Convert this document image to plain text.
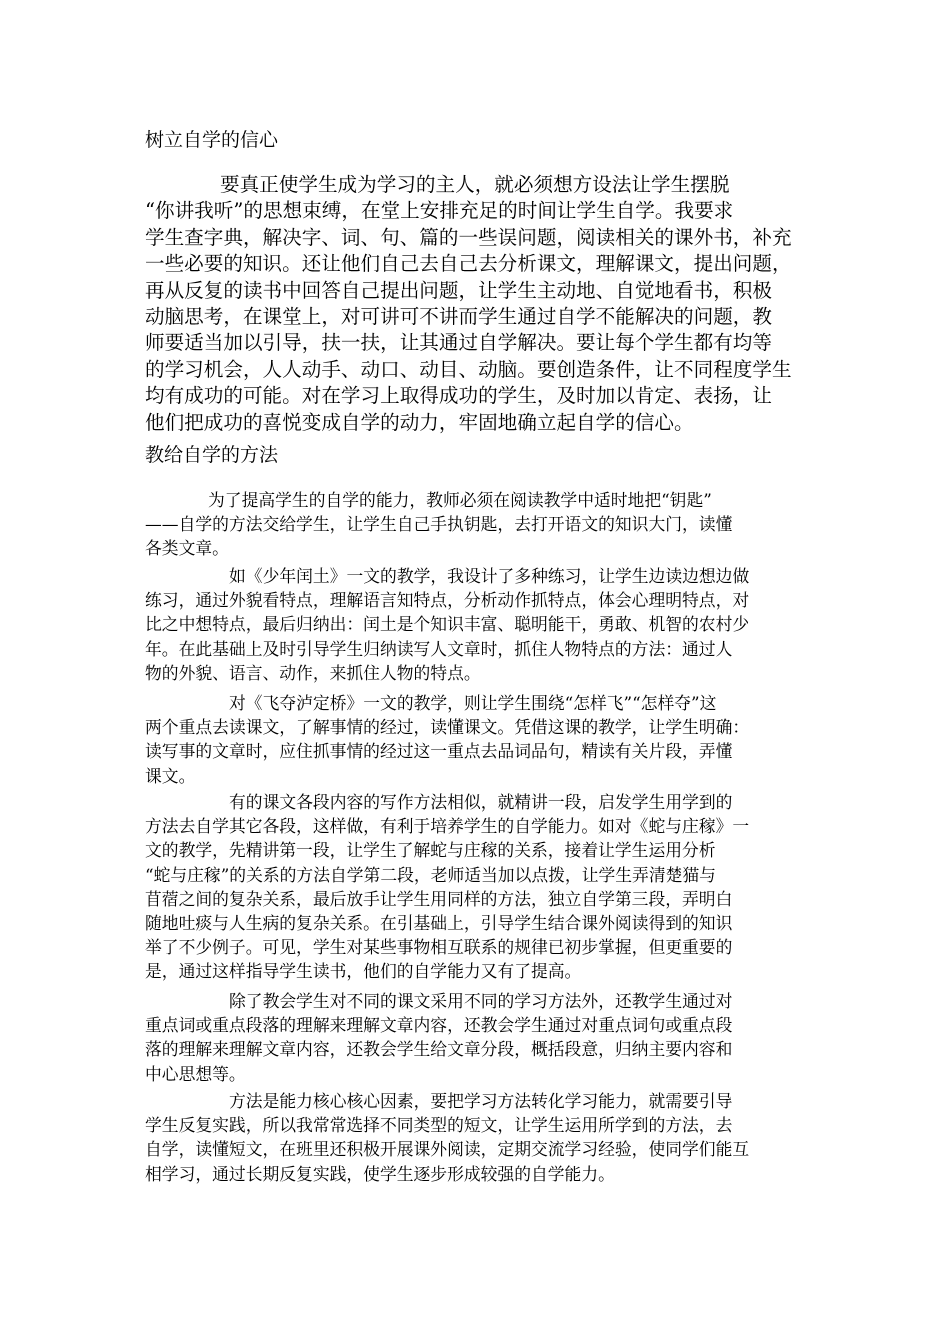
树立自学的信心
要真正使学生成为学习的主人，就必须想方设法让学生摆脱
“你讲我听”的思想束缚，在堂上安排充足的时间让学生自学。我要求
学生查字典，解决字、词、句、篇的一些误问题，阅读相关的课外书，补充
一些必要的知识。还让他们自己去自己去分析课文，理解课文，提出问题，
再从反复的读书中回答自己提出问题，让学生主动地、自觉地看书，积极
动脑思考，在课堂上，对可讲可不讲而学生通过自学不能解决的问题，教
师要适当加以引导，扶一扶，让其通过自学解决。要让每个学生都有均等
的学习机会，人人动手、动口、动目、动脑。要创造条件，让不同程度学生
均有成功的可能。对在学习上取得成功的学生，及时加以肯定、表扬，让
他们把成功的喜悦变成自学的动力，牢固地确立起自学的信心。
教给自学的方法
为了提高学生的自学的能力，教师必须在阅读教学中适时地把“钥匙”
——自学的方法交给学生，让学生自己手执钥匙，去打开语文的知识大门，读懂
各类文章。
如《少年闰土》一文的教学，我设计了多种练习，让学生边读边想边做
练习，通过外貌看特点，理解语言知特点，分析动作抓特点，体会心理明特点，对
比之中想特点，最后归纳出：闰土是个知识丰富、聪明能干，勇敢、机智的农村少
年。在此基础上及时引导学生归纳读写人文章时，抓住人物特点的方法：通过人
物的外貌、语言、动作，来抓住人物的特点。
对《飞夺泸定桥》一文的教学，则让学生围绕“怎样飞”“怎样夺”这
两个重点去读课文，了解事情的经过，读懂课文。凭借这课的教学，让学生明确：
读写事的文章时，应住抓事情的经过这一重点去品词品句，精读有关片段，弄懂
课文。
有的课文各段内容的写作方法相似，就精讲一段，启发学生用学到的
方法去自学其它各段，这样做，有利于培养学生的自学能力。如对《蛇与庄稼》一
文的教学，先精讲第一段，让学生了解蛇与庄稼的关系，接着让学生运用分析
“蛇与庄稼”的关系的方法自学第二段，老师适当加以点拨，让学生弄清楚猫与
苜蓿之间的复杂关系，最后放手让学生用同样的方法，独立自学第三段，弄明白
随地吐痰与人生病的复杂关系。在引基础上，引导学生结合课外阅读得到的知识
举了不少例子。可见，学生对某些事物相互联系的规律已初步掌握，但更重要的
是，通过这样指导学生读书，他们的自学能力又有了提高。
除了教会学生对不同的课文采用不同的学习方法外，还教学生通过对
重点词或重点段落的理解来理解文章内容，还教会学生通过对重点词句或重点段
落的理解来理解文章内容，还教会学生给文章分段，概括段意，归纳主要内容和
中心思想等。
方法是能力核心核心因素，要把学习方法转化学习能力，就需要引导
学生反复实践，所以我常常选择不同类型的短文，让学生运用所学到的方法，去
自学，读懂短文，在班里还积极开展课外阅读，定期交流学习经验，使同学们能互
相学习，通过长期反复实践，使学生逐步形成较强的自学能力。
